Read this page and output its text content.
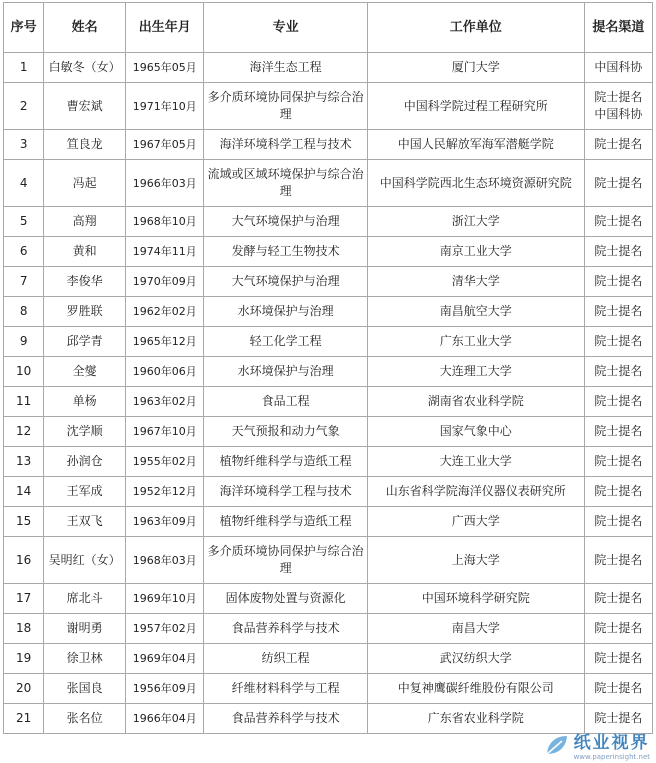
序号	姓名	出生年月	专业	工作单位	提名渠道
1	白敏冬（女）	1965年05月	海洋生态工程	厦门大学	中国科协
2	曹宏斌	1971年10月	多介质环境协同保护与综合治理	中国科学院过程工程研究所	院士提名 中国科协
3	笪良龙	1967年05月	海洋环境科学工程与技术	中国人民解放军海军潜艇学院	院士提名
4	冯起	1966年03月	流域或区域环境保护与综合治理	中国科学院西北生态环境资源研究院	院士提名
5	高翔	1968年10月	大气环境保护与治理	浙江大学	院士提名
6	黄和	1974年11月	发酵与轻工生物技术	南京工业大学	院士提名
7	李俊华	1970年09月	大气环境保护与治理	清华大学	院士提名
8	罗胜联	1962年02月	水环境保护与治理	南昌航空大学	院士提名
9	邱学青	1965年12月	轻工化学工程	广东工业大学	院士提名
10	全燮	1960年06月	水环境保护与治理	大连理工大学	院士提名
11	单杨	1963年02月	食品工程	湖南省农业科学院	院士提名
12	沈学顺	1967年10月	天气预报和动力气象	国家气象中心	院士提名
13	孙润仓	1955年02月	植物纤维科学与造纸工程	大连工业大学	院士提名
14	王军成	1952年12月	海洋环境科学工程与技术	山东省科学院海洋仪器仪表研究所	院士提名
15	王双飞	1963年09月	植物纤维科学与造纸工程	广西大学	院士提名
16	吴明红（女）	1968年03月	多介质环境协同保护与综合治理	上海大学	院士提名
17	席北斗	1969年10月	固体废物处置与资源化	中国环境科学研究院	院士提名
18	谢明勇	1957年02月	食品营养科学与技术	南昌大学	院士提名
19	徐卫林	1969年04月	纺织工程	武汉纺织大学	院士提名
20	张国良	1956年09月	纤维材料科学与工程	中复神鹰碳纤维股份有限公司	院士提名
21	张名位	1966年04月	食品营养科学与技术	广东省农业科学院	院士提名
纸业视界
www.paperinsight.net
